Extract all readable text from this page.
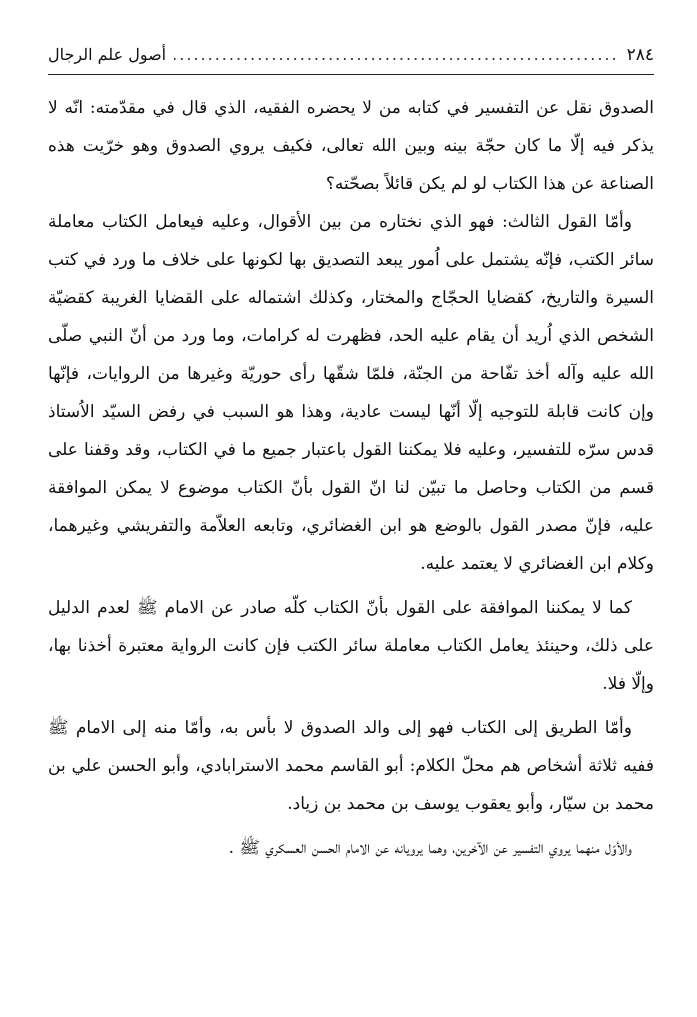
٢٨٤
.....
أصول علم الرجال

الصدوق نقل عن التفسير في كتابه من لا يحضره الفقيه، الذي قال في مقدّمته: انّه لا يذكر فيه إلّا ما كان حجّة بينه وبين الله تعالى، فكيف يروي الصدوق وهو خرّيت هذه الصناعة عن هذا الكتاب لو لم يكن قائلاً بصحّته؟

وأمّا القول الثالث: فهو الذي نختاره من بين الأقوال، وعليه فيعامل الكتاب معاملة سائر الكتب، فإنّه يشتمل على اُمور يبعد التصديق بها لكونها على خلاف ما ورد في كتب السيرة والتاريخ، كقضايا الحجّاج والمختار، وكذلك اشتماله على القضايا الغريبة كقضيّة الشخص الذي اُريد أن يقام عليه الحد، فظهرت له كرامات، وما ورد من أنّ النبي صلّى الله عليه وآله أخذ تفّاحة من الجنّة، فلمّا شقّها رأى حوريّة وغيرها من الروايات، فإنّها وإن كانت قابلة للتوجيه إلّا أنّها ليست عادية، وهذا هو السبب في رفض السيّد الاُستاذ قدس سرّه للتفسير، وعليه فلا يمكننا القول باعتبار جميع ما في الكتاب، وقد وقفنا على قسم من الكتاب وحاصل ما تبيّن لنا انّ القول بأنّ الكتاب موضوع لا يمكن الموافقة عليه، فإنّ مصدر القول بالوضع هو ابن الغضائري، وتابعه العلاّمة والتفريشي وغيرهما، وكلام ابن الغضائري لا يعتمد عليه.

كما لا يمكننا الموافقة على القول بأنّ الكتاب كلّه صادر عن الامام ﷺ لعدم الدليل على ذلك، وحينئذ يعامل الكتاب معاملة سائر الكتب فإن كانت الرواية معتبرة أخذنا بها، وإلّا فلا.

وأمّا الطريق إلى الكتاب فهو إلى والد الصدوق لا بأس به، وأمّا منه إلى الامام ﷺ ففيه ثلاثة أشخاص هم محلّ الكلام: أبو القاسم محمد الاسترابادي، وأبو الحسن علي بن محمد بن سيّار، وأبو يعقوب يوسف بن محمد بن زياد.

والأوّل منهما يروي التفسير عن الآخرين، وهما يرويانه عن الامام الحسن العسكري ﷺ .
